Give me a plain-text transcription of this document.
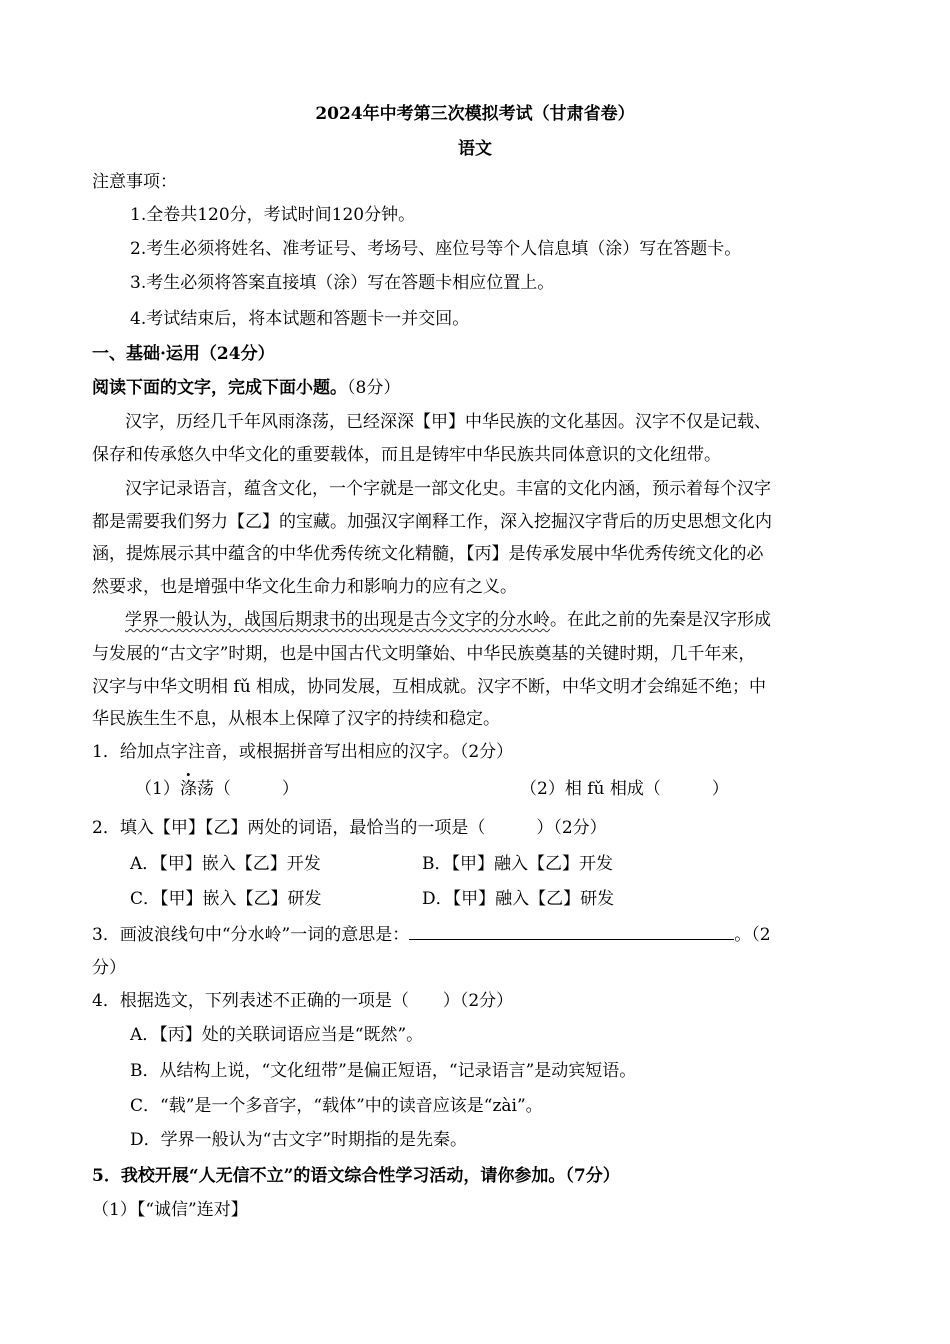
2024年中考第三次模拟考试（甘肃省卷）
语文
注意事项：
1.全卷共120分，考试时间120分钟。
2.考生必须将姓名、准考证号、考场号、座位号等个人信息填（涂）写在答题卡。
3.考生必须将答案直接填（涂）写在答题卡相应位置上。
4.考试结束后，将本试题和答题卡一并交回。
一、基础·运用（24分）
阅读下面的文字，完成下面小题。（8分）
汉字，历经几千年风雨涤荡，已经深深【甲】中华民族的文化基因。汉字不仅是记载、
保存和传承悠久中华文化的重要载体，而且是铸牢中华民族共同体意识的文化纽带。
汉字记录语言，蕴含文化，一个字就是一部文化史。丰富的文化内涵，预示着每个汉字
都是需要我们努力【乙】的宝藏。加强汉字阐释工作，深入挖掘汉字背后的历史思想文化内
涵，提炼展示其中蕴含的中华优秀传统文化精髓，【丙】是传承发展中华优秀传统文化的必
然要求，也是增强中华文化生命力和影响力的应有之义。
学界一般认为，战国后期隶书的出现是古今文字的分水岭。在此之前的先秦是汉字形成
与发展的“古文字”时期，也是中国古代文明肇始、中华民族奠基的关键时期，几千年来，
汉字与中华文明相 fǔ 相成，协同发展，互相成就。汉字不断，中华文明才会绵延不绝；中
华民族生生不息，从根本上保障了汉字的持续和稳定。
1．给加点字注音，或根据拼音写出相应的汉字。（2分）
（1）涤荡（　　　）	（2）相 fǔ 相成（　　　）
2．填入【甲】【乙】两处的词语，最恰当的一项是（　　　）（2分）
A．【甲】嵌入【乙】开发	B．【甲】融入【乙】开发
C．【甲】嵌入【乙】研发	D．【甲】融入【乙】研发
3．画波浪线句中“分水岭”一词的意思是：	。（2
分）
4．根据选文，下列表述不正确的一项是（　　）（2分）
A．【丙】处的关联词语应当是“既然”。
B．从结构上说，“文化纽带”是偏正短语，“记录语言”是动宾短语。
C．“载”是一个多音字，“载体”中的读音应该是“zài”。
D．学界一般认为“古文字”时期指的是先秦。
5．我校开展“人无信不立”的语文综合性学习活动，请你参加。（7分）
（1）【“诚信”连对】
